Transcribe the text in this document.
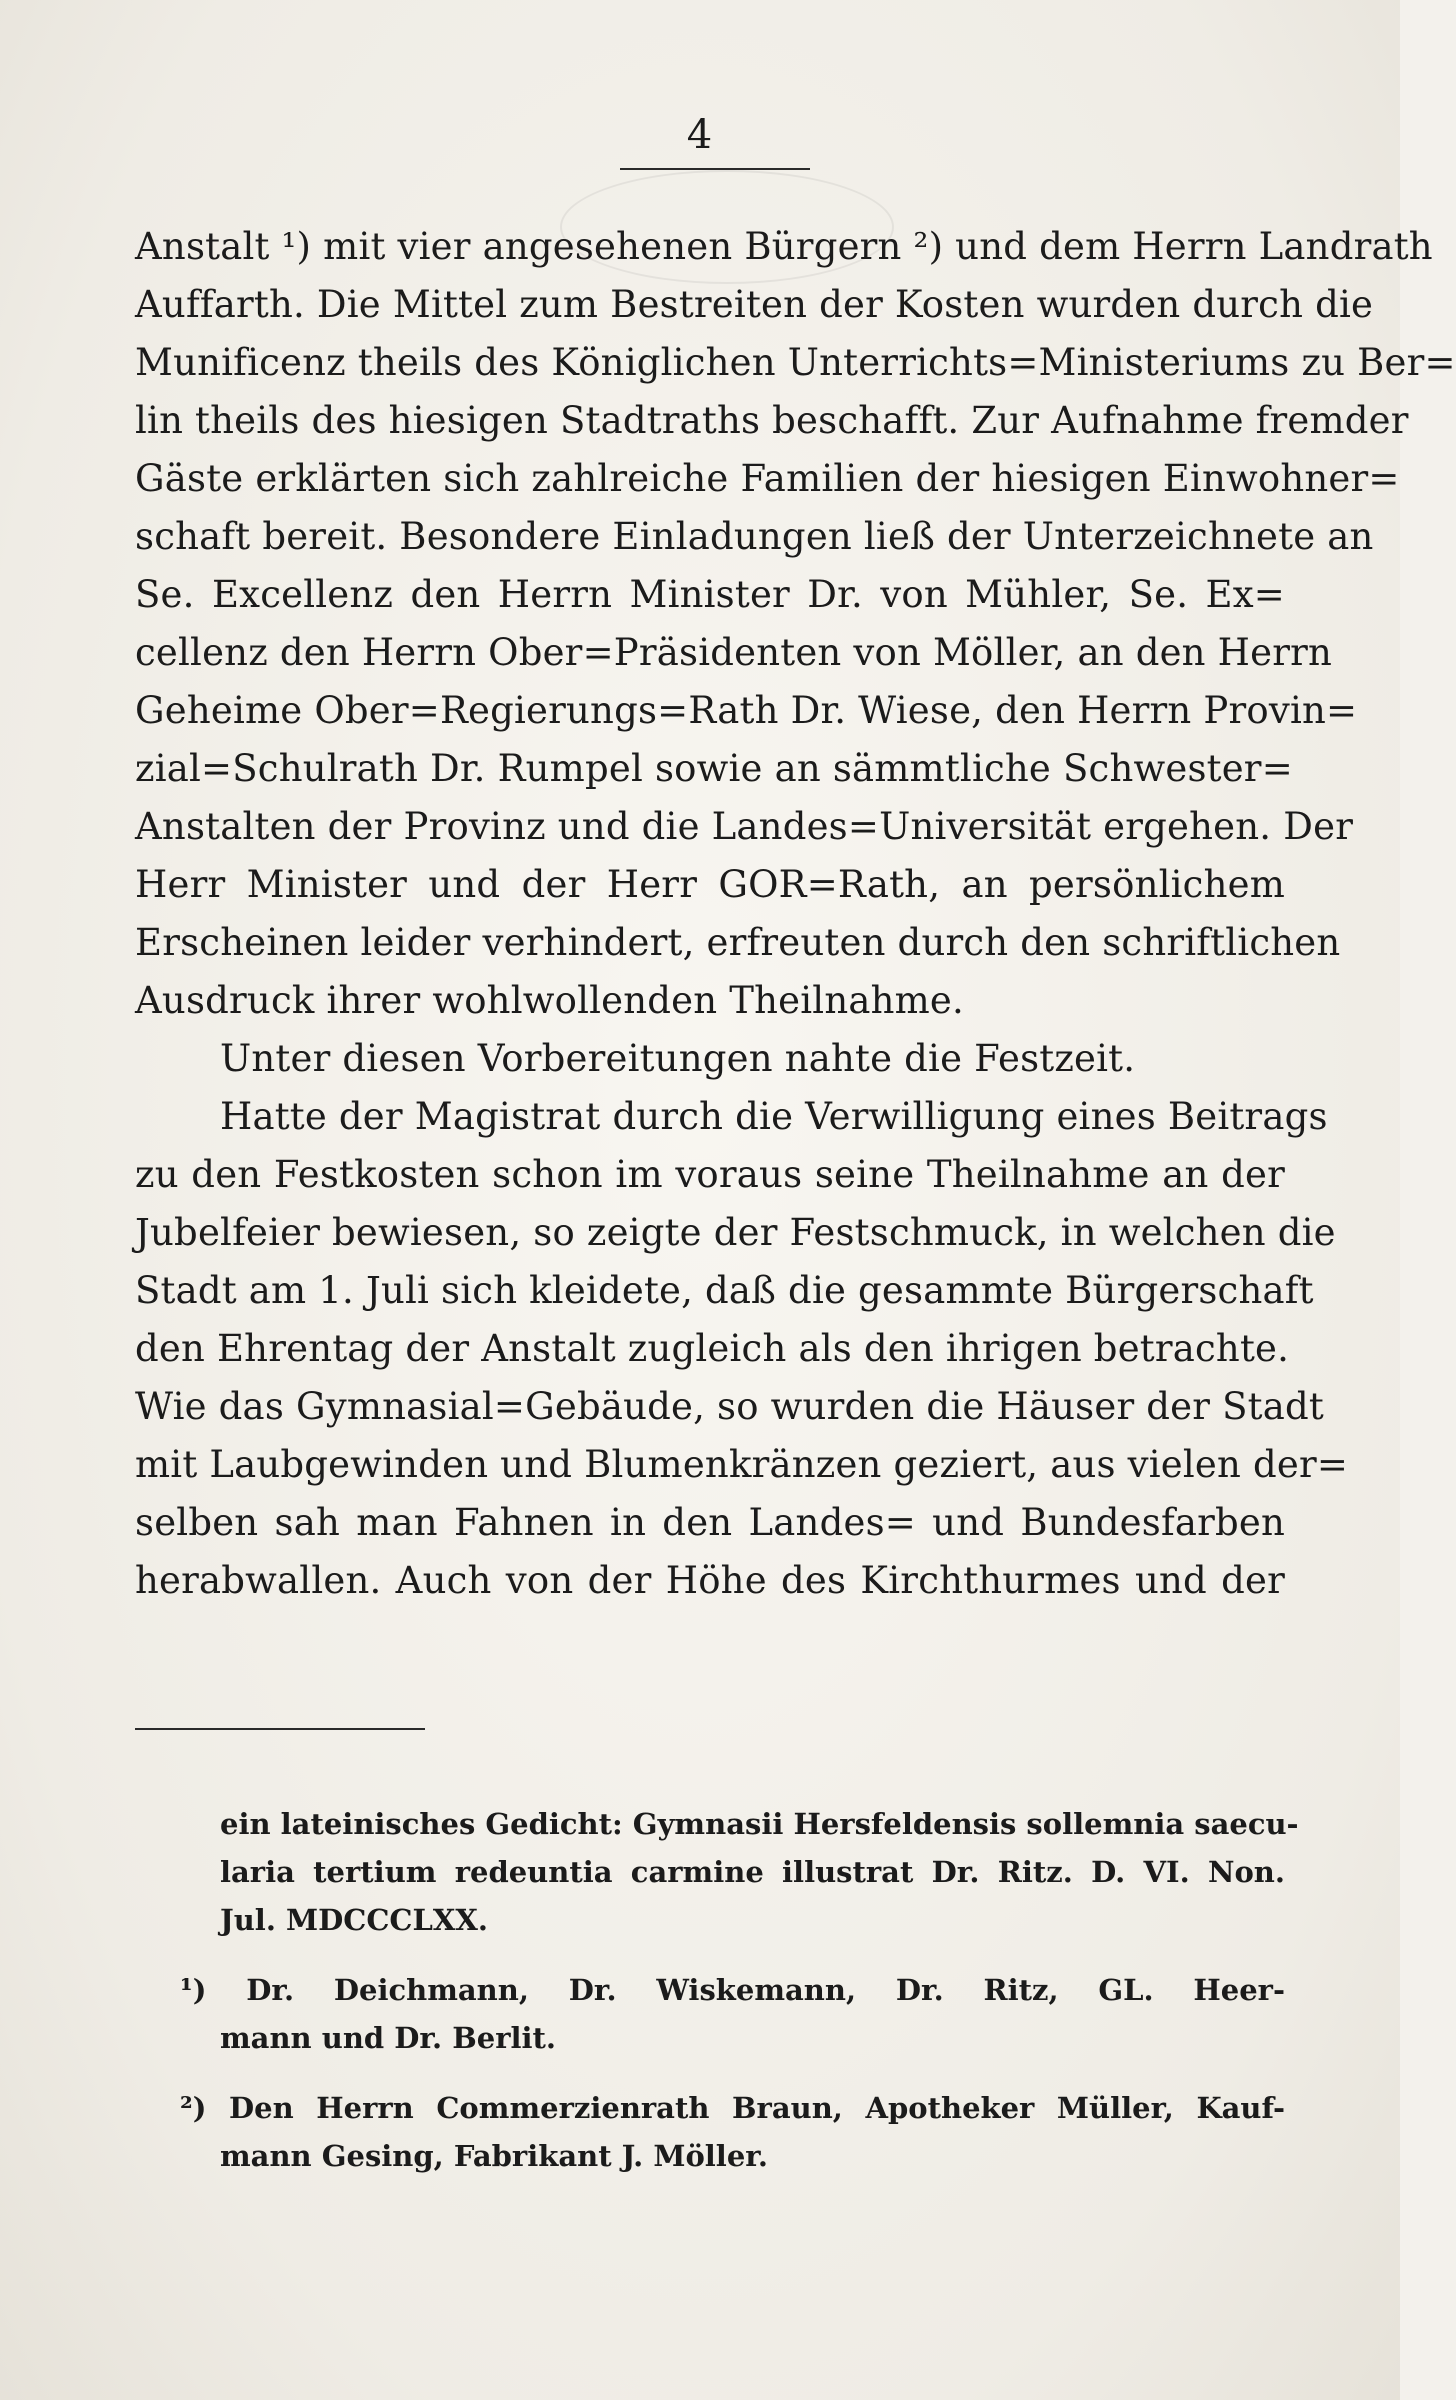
4
Anstalt ¹) mit vier angesehenen Bürgern ²) und dem Herrn Landrath
Auffarth. Die Mittel zum Bestreiten der Kosten wurden durch die
Munificenz theils des Königlichen Unterrichts=Ministeriums zu Ber=
lin theils des hiesigen Stadtraths beschafft. Zur Aufnahme fremder
Gäste erklärten sich zahlreiche Familien der hiesigen Einwohner=
schaft bereit. Besondere Einladungen ließ der Unterzeichnete an
Se. Excellenz den Herrn Minister Dr. von Mühler, Se. Ex=
cellenz den Herrn Ober=Präsidenten von Möller, an den Herrn
Geheime Ober=Regierungs=Rath Dr. Wiese, den Herrn Provin=
zial=Schulrath Dr. Rumpel sowie an sämmtliche Schwester=
Anstalten der Provinz und die Landes=Universität ergehen. Der
Herr Minister und der Herr GOR=Rath, an persönlichem
Erscheinen leider verhindert, erfreuten durch den schriftlichen
Ausdruck ihrer wohlwollenden Theilnahme.
Unter diesen Vorbereitungen nahte die Festzeit.
Hatte der Magistrat durch die Verwilligung eines Beitrags
zu den Festkosten schon im voraus seine Theilnahme an der
Jubelfeier bewiesen, so zeigte der Festschmuck, in welchen die
Stadt am 1. Juli sich kleidete, daß die gesammte Bürgerschaft
den Ehrentag der Anstalt zugleich als den ihrigen betrachte.
Wie das Gymnasial=Gebäude, so wurden die Häuser der Stadt
mit Laubgewinden und Blumenkränzen geziert, aus vielen der=
selben sah man Fahnen in den Landes= und Bundesfarben
herabwallen. Auch von der Höhe des Kirchthurmes und der
ein lateinisches Gedicht: Gymnasii Hersfeldensis sollemnia saecu-
laria tertium redeuntia carmine illustrat Dr. Ritz. D. VI. Non.
Jul. MDCCCLXX.
¹) Dr. Deichmann, Dr. Wiskemann, Dr. Ritz, GL. Heer-
mann und Dr. Berlit.
²) Den Herrn Commerzienrath Braun, Apotheker Müller, Kauf-
mann Gesing, Fabrikant J. Möller.
